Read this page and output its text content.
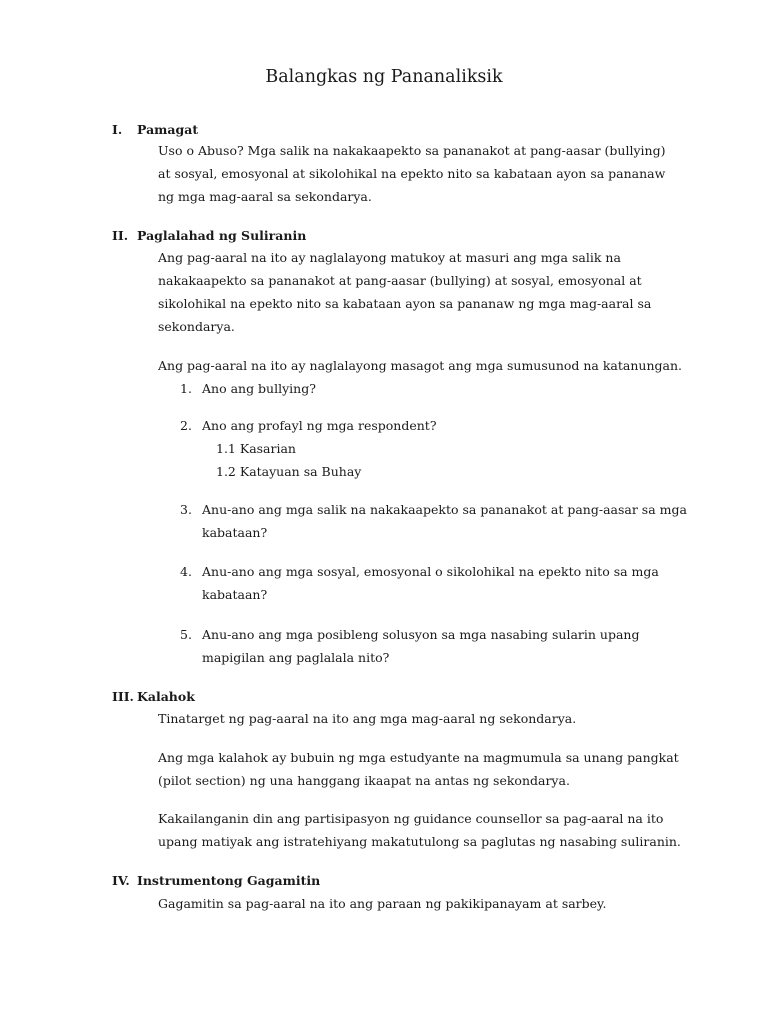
Balangkas ng Pananaliksik
I. Pamagat

Uso o Abuso? Mga salik na nakakaapekto sa pananakot at pang-aasar (bullying) at sosyal, emosyonal at sikolohikal na epekto nito sa kabataan ayon sa pananaw ng mga mag-aaral sa sekondarya.

II. Paglalahad ng Suliranin

Ang pag-aaral na ito ay naglalayong matukoy at masuri ang mga salik na nakakaapekto sa pananakot at pang-aasar (bullying) at sosyal, emosyonal at sikolohikal na epekto nito sa kabataan ayon sa pananaw ng mga mag-aaral sa sekondarya.

Ang pag-aaral na ito ay naglalayong masagot ang mga sumusunod na katanungan.

1. Ano ang bullying?
2. Ano ang profayl ng mga respondent?
1.1 Kasarian
1.2 Katayuan sa Buhay
3. Anu-ano ang mga salik na nakakaapekto sa pananakot at pang-aasar sa mga kabataan?
4. Anu-ano ang mga sosyal, emosyonal o sikolohikal na epekto nito sa mga kabataan?
5. Anu-ano ang mga posibleng solusyon sa mga nasabing sularin upang mapigilan ang paglalala nito?
III. Kalahok

Tinatarget ng pag-aaral na ito ang mga mag-aaral ng sekondarya.

Ang mga kalahok ay bubuin ng mga estudyante na magmumula sa unang pangkat (pilot section) ng una hanggang ikaapat na antas ng sekondarya.

Kakailanganin din ang partisipasyon ng guidance counsellor sa pag-aaral na ito upang matiyak ang istratehiyang makatutulong sa paglutas ng nasabing suliranin.

IV. Instrumentong Gagamitin

Gagamitin sa pag-aaral na ito ang paraan ng pakikipanayam at sarbey.
